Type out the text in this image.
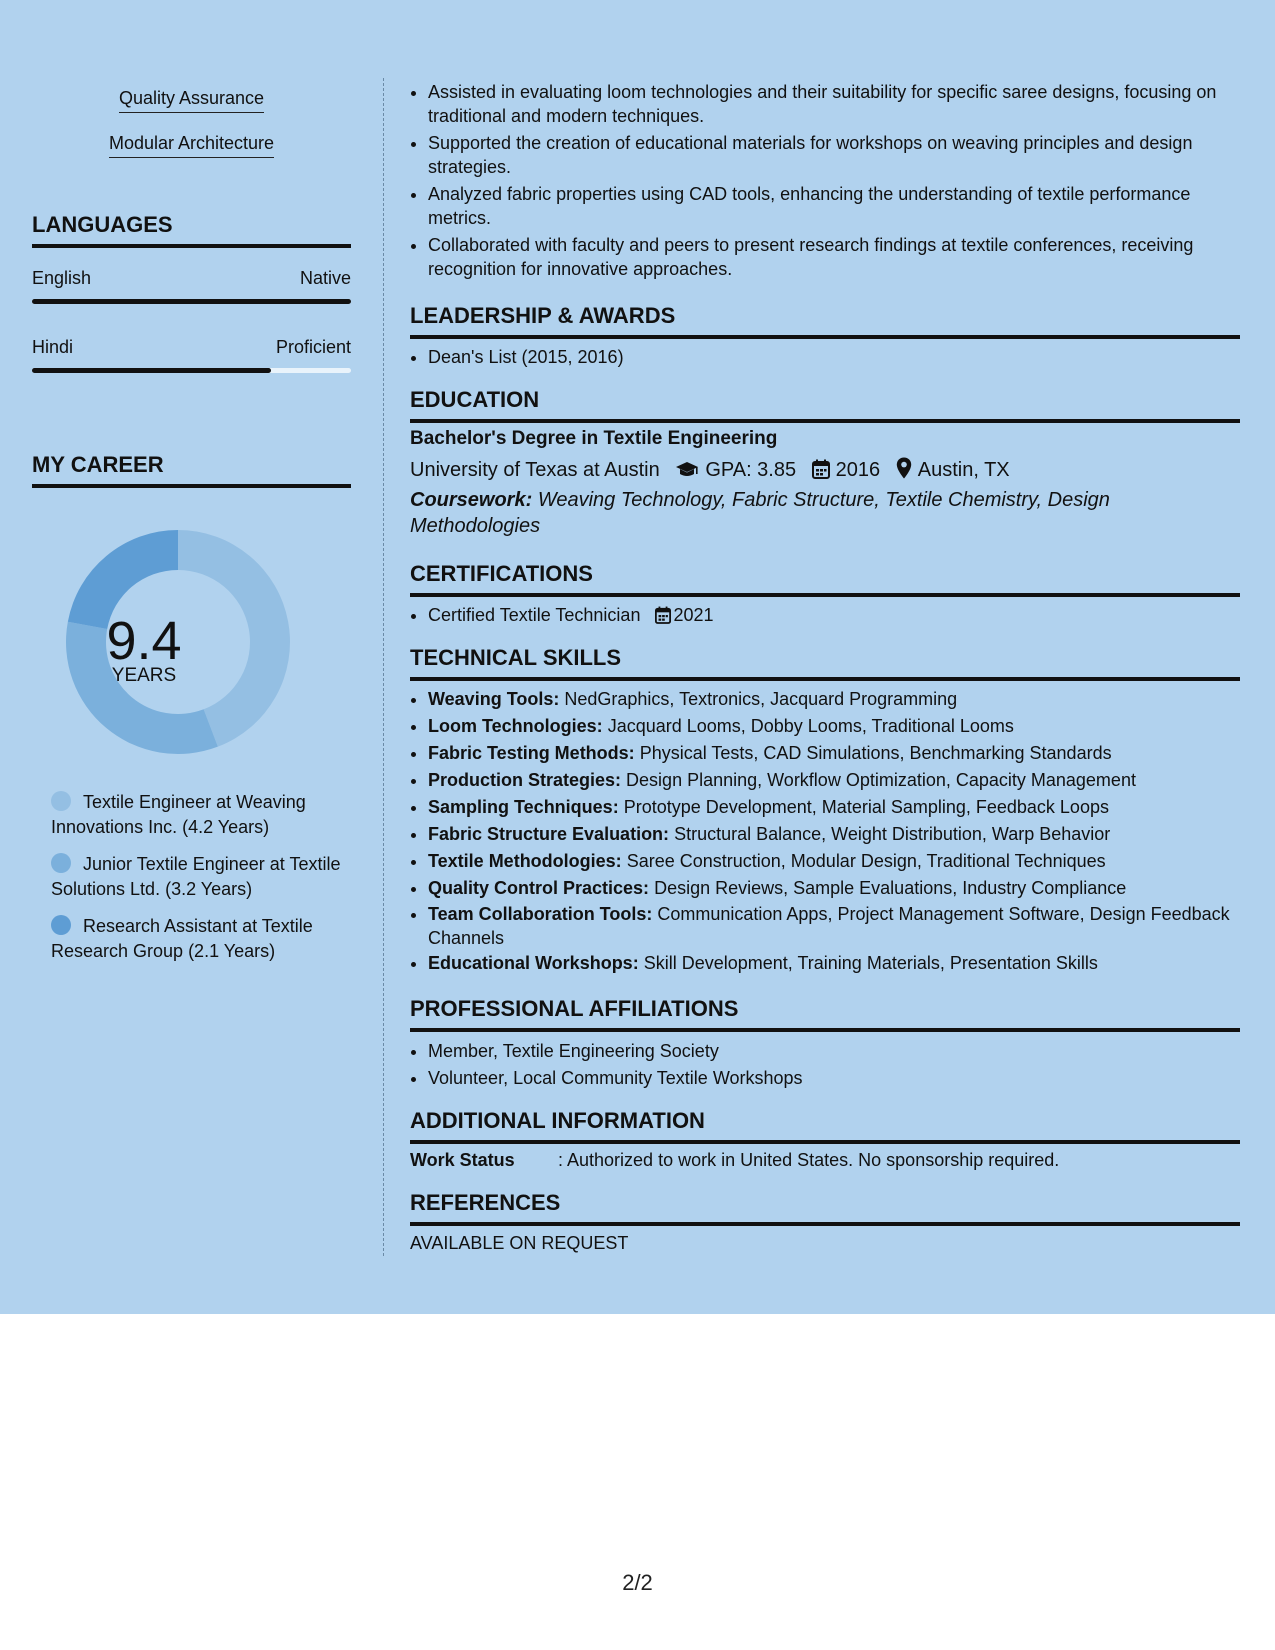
Quality Assurance
Modular Architecture
LANGUAGES
English	Native
Hindi	Proficient
MY CAREER
9.4
YEARS
Textile Engineer at Weaving Innovations Inc. (4.2 Years)
Junior Textile Engineer at Textile Solutions Ltd. (3.2 Years)
Research Assistant at Textile Research Group (2.1 Years)
• Assisted in evaluating loom technologies and their suitability for specific saree designs, focusing on traditional and modern techniques.
• Supported the creation of educational materials for workshops on weaving principles and design strategies.
• Analyzed fabric properties using CAD tools, enhancing the understanding of textile performance metrics.
• Collaborated with faculty and peers to present research findings at textile conferences, receiving recognition for innovative approaches.
LEADERSHIP & AWARDS
• Dean's List (2015, 2016)
EDUCATION
Bachelor's Degree in Textile Engineering
University of Texas at Austin GPA: 3.85 2016 Austin, TX
Coursework: Weaving Technology, Fabric Structure, Textile Chemistry, Design Methodologies
CERTIFICATIONS
• Certified Textile Technician 2021
TECHNICAL SKILLS
• Weaving Tools: NedGraphics, Textronics, Jacquard Programming
• Loom Technologies: Jacquard Looms, Dobby Looms, Traditional Looms
• Fabric Testing Methods: Physical Tests, CAD Simulations, Benchmarking Standards
• Production Strategies: Design Planning, Workflow Optimization, Capacity Management
• Sampling Techniques: Prototype Development, Material Sampling, Feedback Loops
• Fabric Structure Evaluation: Structural Balance, Weight Distribution, Warp Behavior
• Textile Methodologies: Saree Construction, Modular Design, Traditional Techniques
• Quality Control Practices: Design Reviews, Sample Evaluations, Industry Compliance
• Team Collaboration Tools: Communication Apps, Project Management Software, Design Feedback Channels
• Educational Workshops: Skill Development, Training Materials, Presentation Skills
PROFESSIONAL AFFILIATIONS
• Member, Textile Engineering Society
• Volunteer, Local Community Textile Workshops
ADDITIONAL INFORMATION
Work Status : Authorized to work in United States. No sponsorship required.
REFERENCES
AVAILABLE ON REQUEST
2/2
